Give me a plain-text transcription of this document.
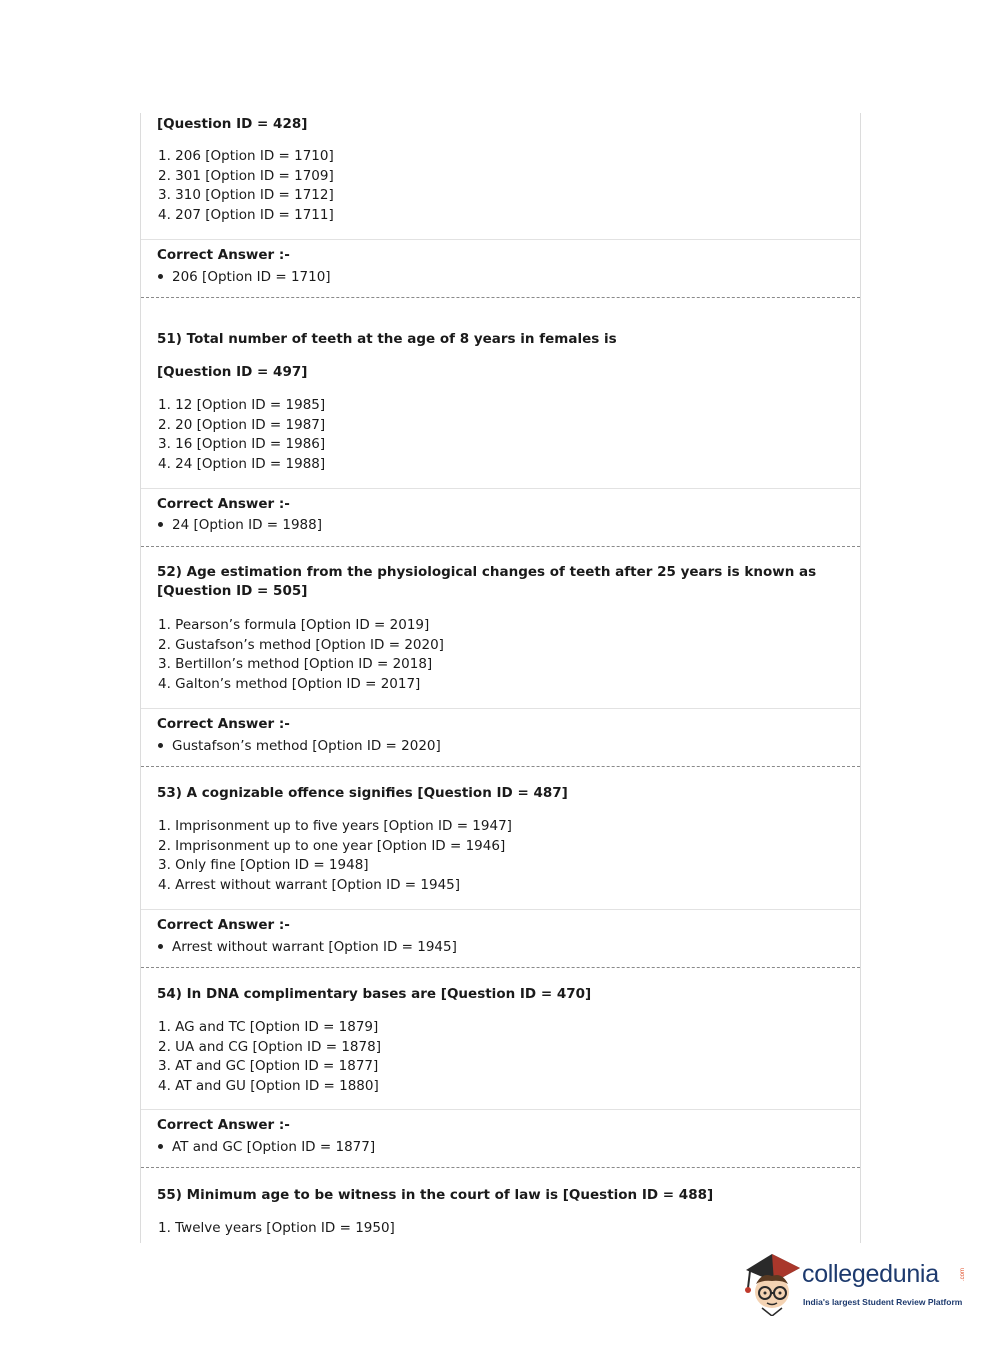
[Question ID = 428]
1. 206 [Option ID = 1710]
2. 301 [Option ID = 1709]
3. 310 [Option ID = 1712]
4. 207 [Option ID = 1711]
Correct Answer :-
206 [Option ID = 1710]
51) Total number of teeth at the age of 8 years in females is
[Question ID = 497]
1. 12 [Option ID = 1985]
2. 20 [Option ID = 1987]
3. 16 [Option ID = 1986]
4. 24 [Option ID = 1988]
Correct Answer :-
24 [Option ID = 1988]
52) Age estimation from the physiological changes of teeth after 25 years is known as [Question ID = 505]
1. Pearson’s formula [Option ID = 2019]
2. Gustafson’s method [Option ID = 2020]
3. Bertillon’s method [Option ID = 2018]
4. Galton’s method [Option ID = 2017]
Correct Answer :-
Gustafson’s method [Option ID = 2020]
53) A cognizable offence signifies [Question ID = 487]
1. Imprisonment up to five years [Option ID = 1947]
2. Imprisonment up to one year [Option ID = 1946]
3. Only fine [Option ID = 1948]
4. Arrest without warrant [Option ID = 1945]
Correct Answer :-
Arrest without warrant [Option ID = 1945]
54) In DNA complimentary bases are [Question ID = 470]
1. AG and TC [Option ID = 1879]
2. UA and CG [Option ID = 1878]
3. AT and GC [Option ID = 1877]
4. AT and GU [Option ID = 1880]
Correct Answer :-
AT and GC [Option ID = 1877]
55) Minimum age to be witness in the court of law is [Question ID = 488]
1. Twelve years [Option ID = 1950]
collegedunia	.com
India's largest Student Review Platform
